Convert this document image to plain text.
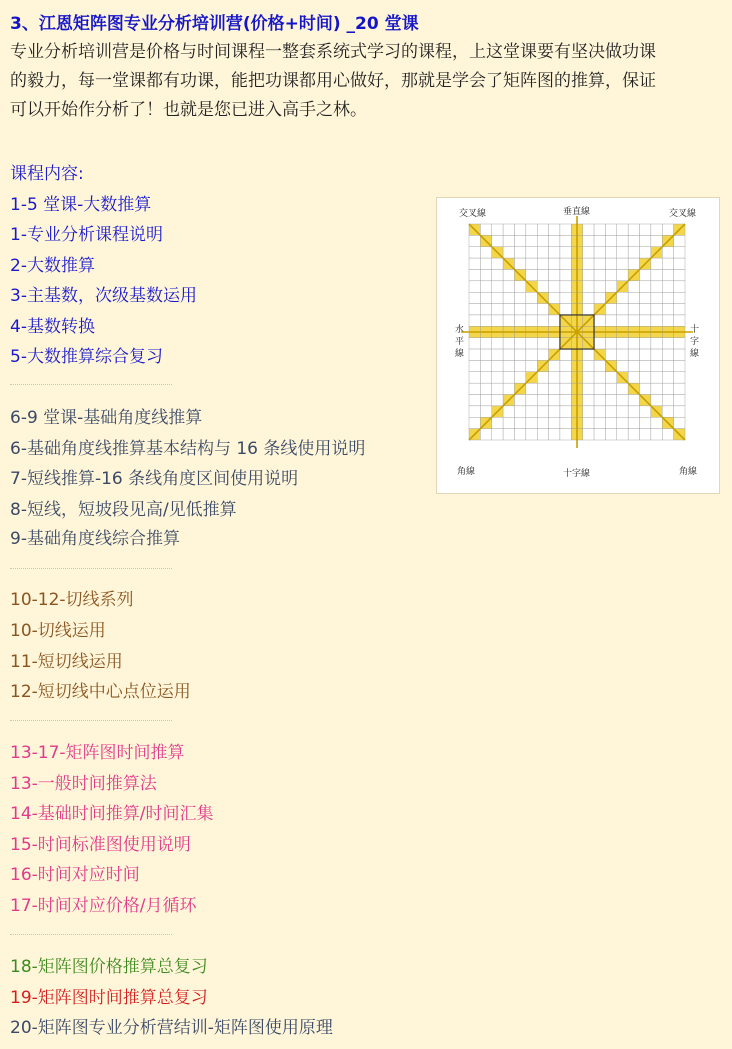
3、江恩矩阵图专业分析培训营(价格+时间) _20 堂课
专业分析培训营是价格与时间课程一整套系统式学习的课程，上这堂课要有坚决做功课
的毅力，每一堂课都有功课，能把功课都用心做好，那就是学会了矩阵图的推算，保证
可以开始作分析了！也就是您已进入高手之林。
课程内容:
1-5 堂课-大数推算
1-专业分析课程说明
2-大数推算
3-主基数，次级基数运用
4-基数转换
5-大数推算综合复习
6-9 堂课-基础角度线推算
6-基础角度线推算基本结构与 16 条线使用说明
7-短线推算-16 条线角度区间使用说明
8-短线，短坡段见高/见低推算
9-基础角度线综合推算
10-12-切线系列
10-切线运用
11-短切线运用
12-短切线中心点位运用
13-17-矩阵图时间推算
13-一般时间推算法
14-基础时间推算/时间汇集
15-时间标准图使用说明
16-时间对应时间
17-时间对应价格/月循环
18-矩阵图价格推算总复习
19-矩阵图时间推算总复习
20-矩阵图专业分析营结训-矩阵图使用原理
交叉線	垂直線	交叉線
水
平
線
十
字
線
角線	十字線	角線
